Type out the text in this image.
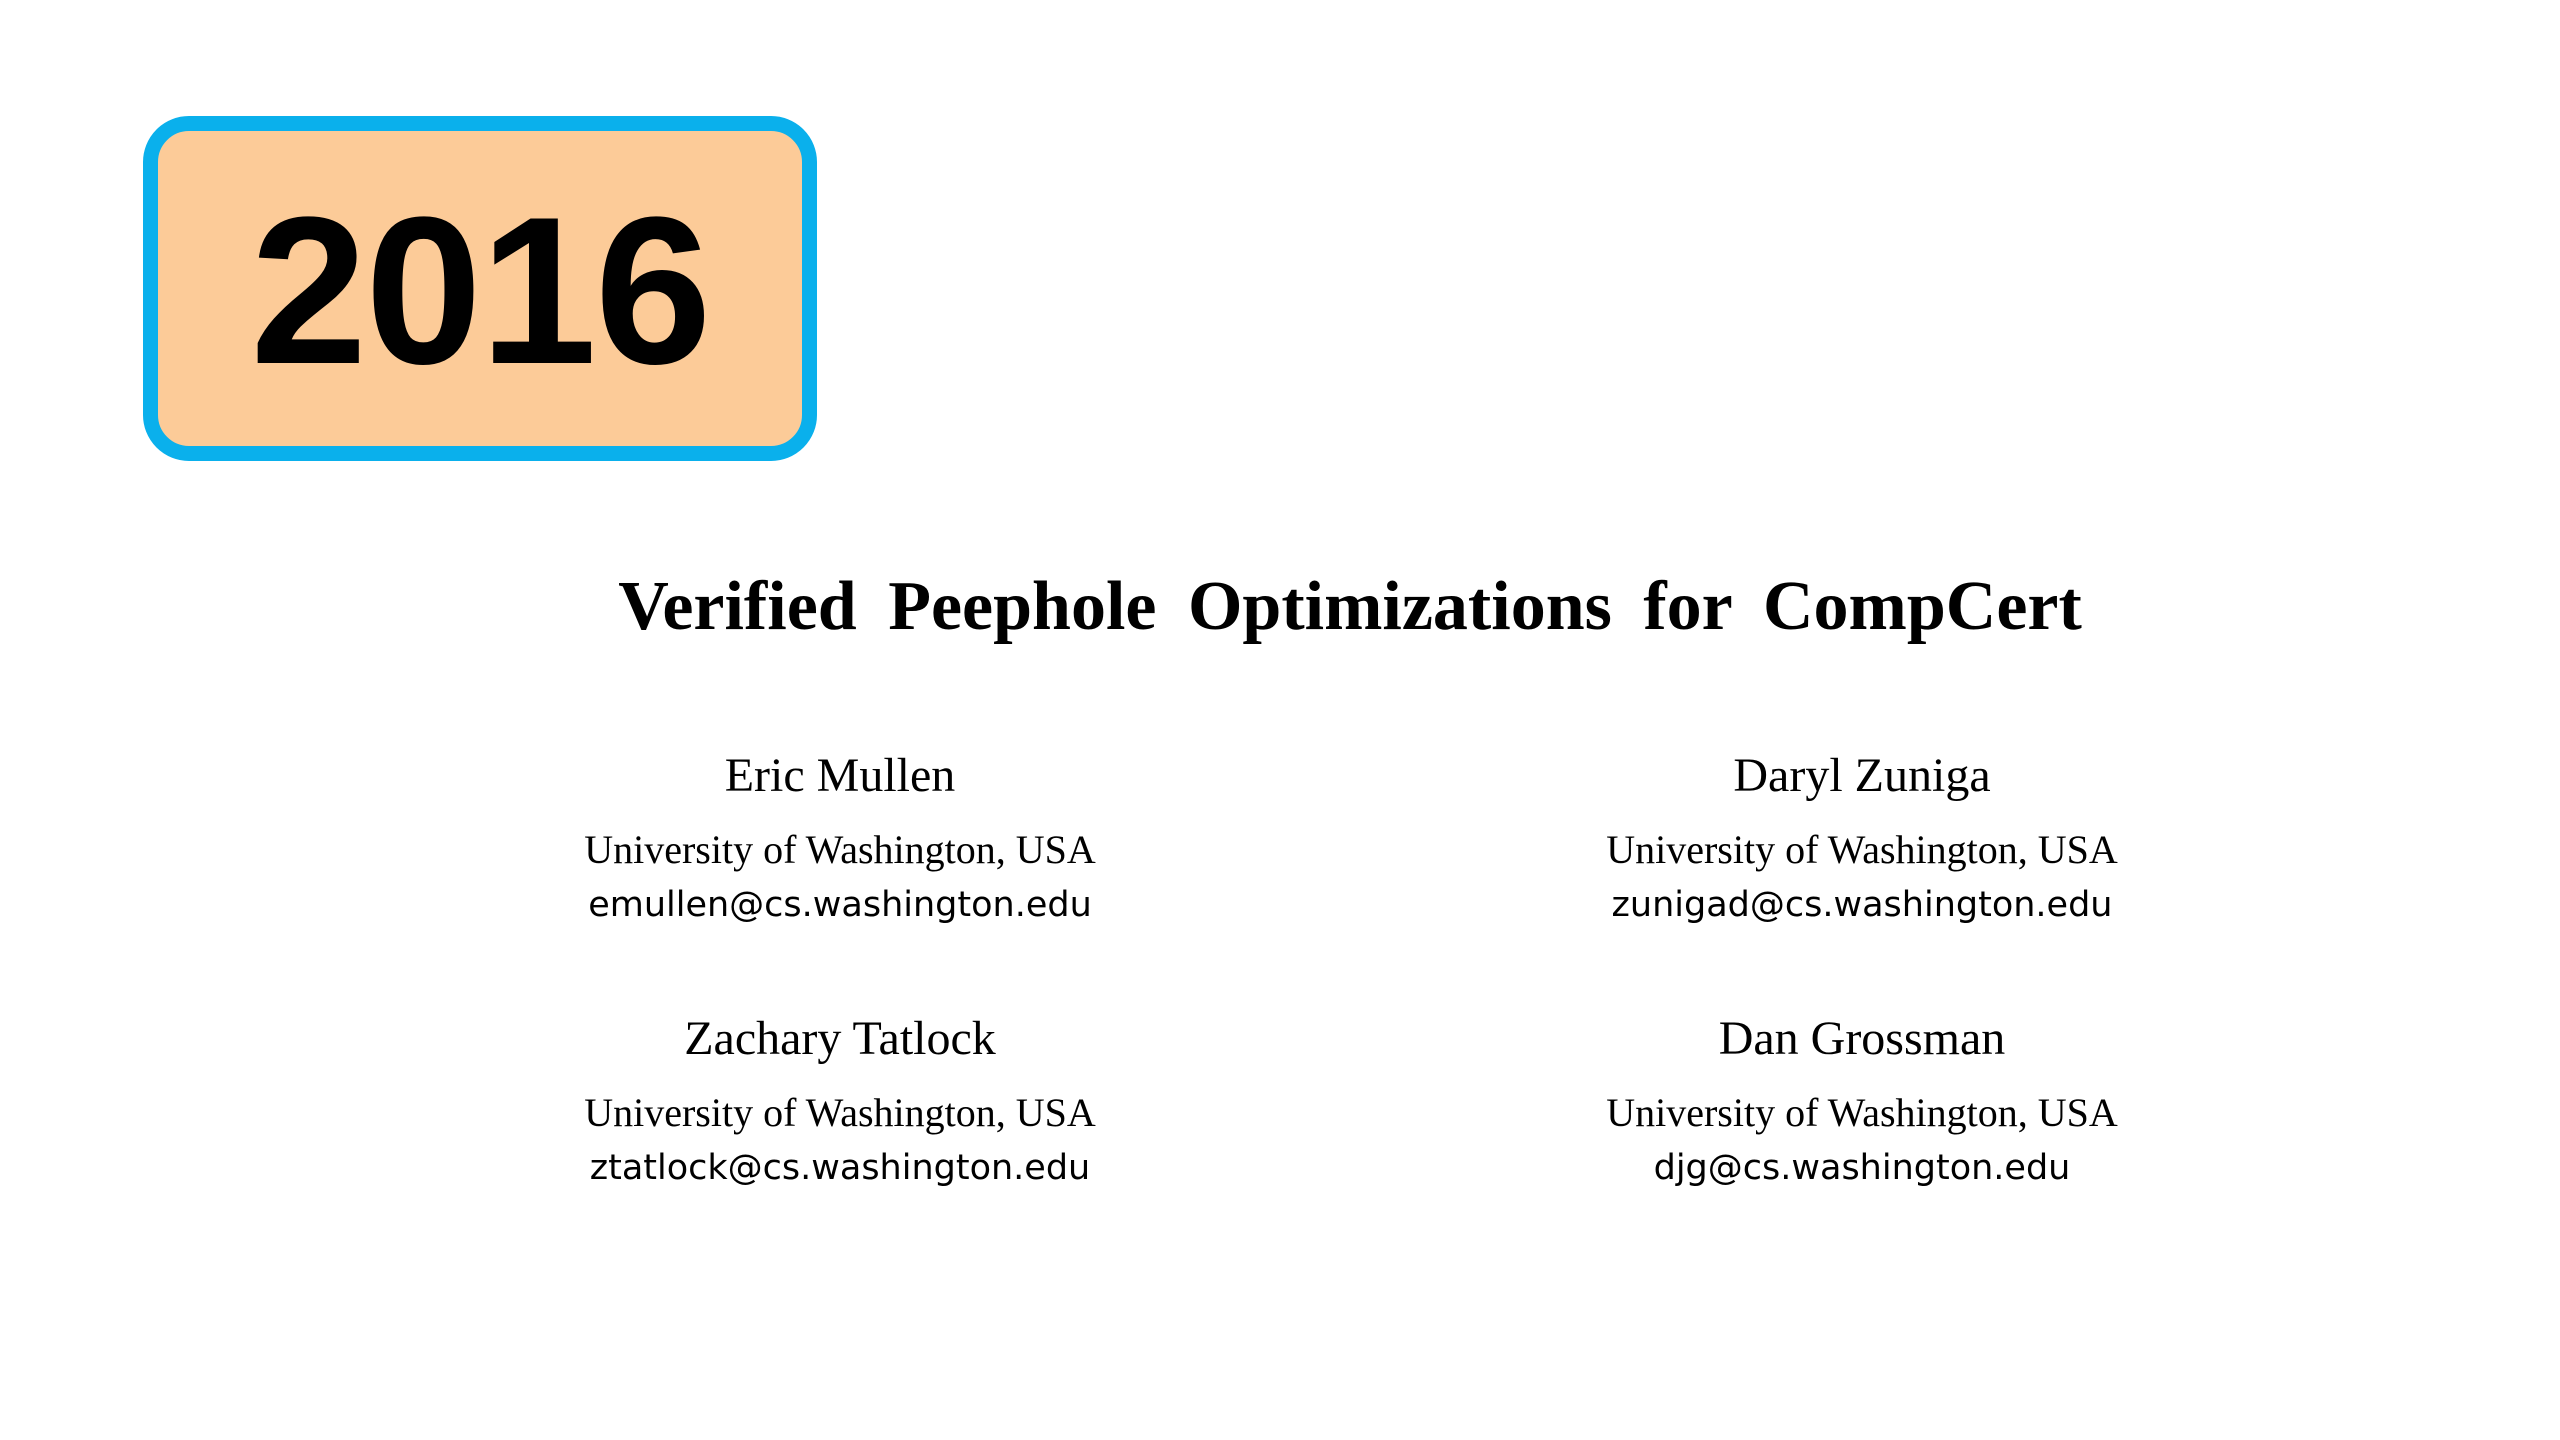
2016
Verified Peephole Optimizations for CompCert
Eric Mullen
University of Washington, USA
emullen@cs.washington.edu
Daryl Zuniga
University of Washington, USA
zunigad@cs.washington.edu
Zachary Tatlock
University of Washington, USA
ztatlock@cs.washington.edu
Dan Grossman
University of Washington, USA
djg@cs.washington.edu
